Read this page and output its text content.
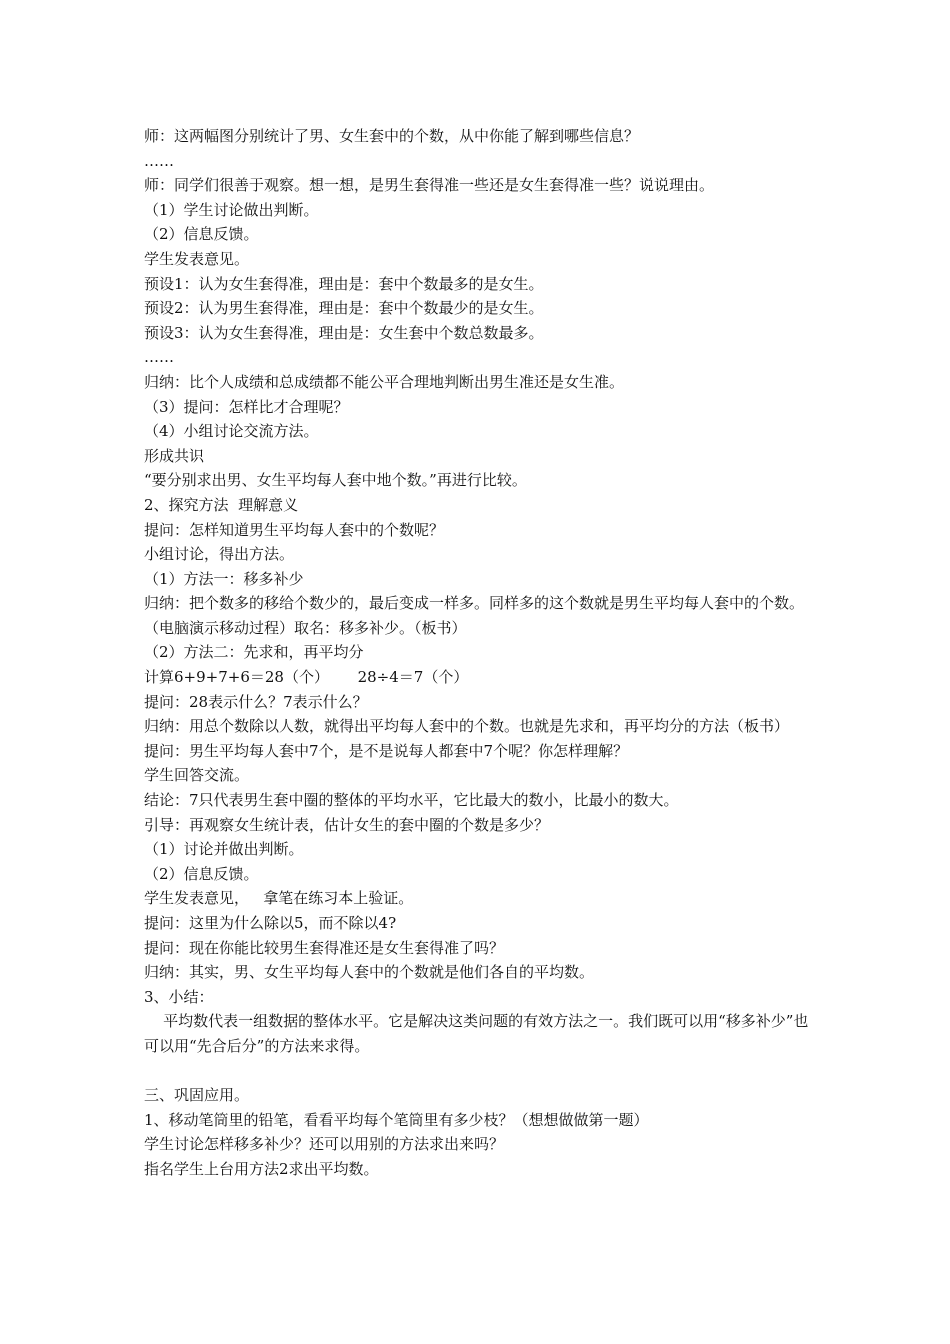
师：这两幅图分别统计了男、女生套中的个数，从中你能了解到哪些信息？
……
师：同学们很善于观察。想一想，是男生套得准一些还是女生套得准一些？说说理由。
（1）学生讨论做出判断。
（2）信息反馈。
学生发表意见。
预设1：认为女生套得准，理由是：套中个数最多的是女生。
预设2：认为男生套得准，理由是：套中个数最少的是女生。
预设3：认为女生套得准，理由是：女生套中个数总数最多。
……
归纳：比个人成绩和总成绩都不能公平合理地判断出男生准还是女生准。
（3）提问：怎样比才合理呢？
（4）小组讨论交流方法。
形成共识
“要分别求出男、女生平均每人套中地个数。”再进行比较。
2、探究方法  理解意义
提问：怎样知道男生平均每人套中的个数呢？
小组讨论，得出方法。
（1）方法一：移多补少
归纳：把个数多的移给个数少的，最后变成一样多。同样多的这个数就是男生平均每人套中的个数。（电脑演示移动过程）取名：移多补少。（板书）
（2）方法二：先求和，再平均分
计算6+9+7+6＝28（个）      28÷4＝7（个）
提问：28表示什么？7表示什么？
归纳：用总个数除以人数，就得出平均每人套中的个数。也就是先求和，再平均分的方法（板书）
提问：男生平均每人套中7个，是不是说每人都套中7个呢？你怎样理解？
学生回答交流。
结论：7只代表男生套中圈的整体的平均水平，它比最大的数小，比最小的数大。
引导：再观察女生统计表，估计女生的套中圈的个数是多少？
（1）讨论并做出判断。
（2）信息反馈。
学生发表意见，   拿笔在练习本上验证。
提问：这里为什么除以5，而不除以4?
提问：现在你能比较男生套得准还是女生套得准了吗？
归纳：其实，男、女生平均每人套中的个数就是他们各自的平均数。
3、小结：
平均数代表一组数据的整体水平。它是解决这类问题的有效方法之一。我们既可以用“移多补少”也可以用“先合后分”的方法来求得。
三、巩固应用。
1、移动笔筒里的铅笔，看看平均每个笔筒里有多少枝？（想想做做第一题）
学生讨论怎样移多补少？还可以用别的方法求出来吗？
指名学生上台用方法2求出平均数。
